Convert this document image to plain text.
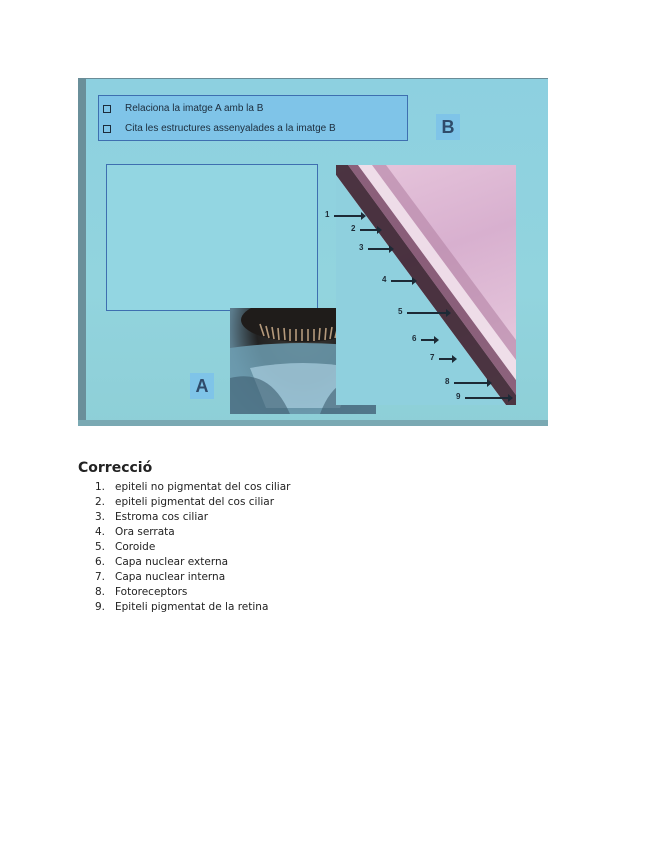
Relaciona la imatge A amb la B
Cita les estructures assenyalades a la imatge B	B
A
1
2
3
4
5
6
7
8
9
Correcció
1. epiteli no pigmentat del cos ciliar
2. epiteli pigmentat del cos ciliar
3. Estroma cos ciliar
4. Ora serrata
5. Coroide
6. Capa nuclear externa
7. Capa nuclear interna
8. Fotoreceptors
9. Epiteli pigmentat de la retina
